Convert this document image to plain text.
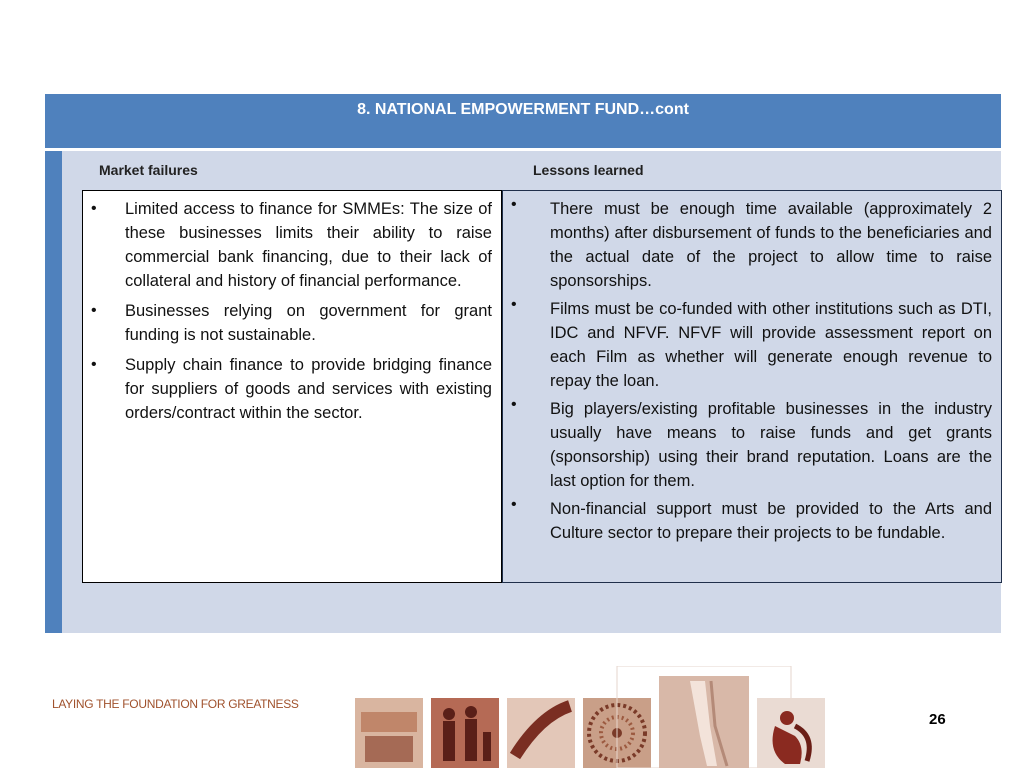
8. NATIONAL EMPOWERMENT FUND…cont
Market failures	Lessons learned
• Limited access to finance for SMMEs: The size of these businesses limits their ability to raise commercial bank financing, due to their lack of collateral and history of financial performance.
• Businesses relying on government for grant funding is not sustainable.
• Supply chain finance to provide bridging finance for suppliers of goods and services with existing orders/contract within the sector.
• There must be enough time available (approximately 2 months) after disbursement of funds to the beneficiaries and the actual date of the project to allow time to raise sponsorships.
• Films must be co-funded with other institutions such as DTI, IDC and NFVF. NFVF will provide assessment report on each Film as whether will generate enough revenue to repay the loan.
• Big players/existing profitable businesses in the industry usually have means to raise funds and get grants (sponsorship) using their brand reputation. Loans are the last option for them.
• Non-financial support must be provided to the Arts and Culture sector to prepare their projects to be fundable.
LAYING THE FOUNDATION FOR GREATNESS
26
